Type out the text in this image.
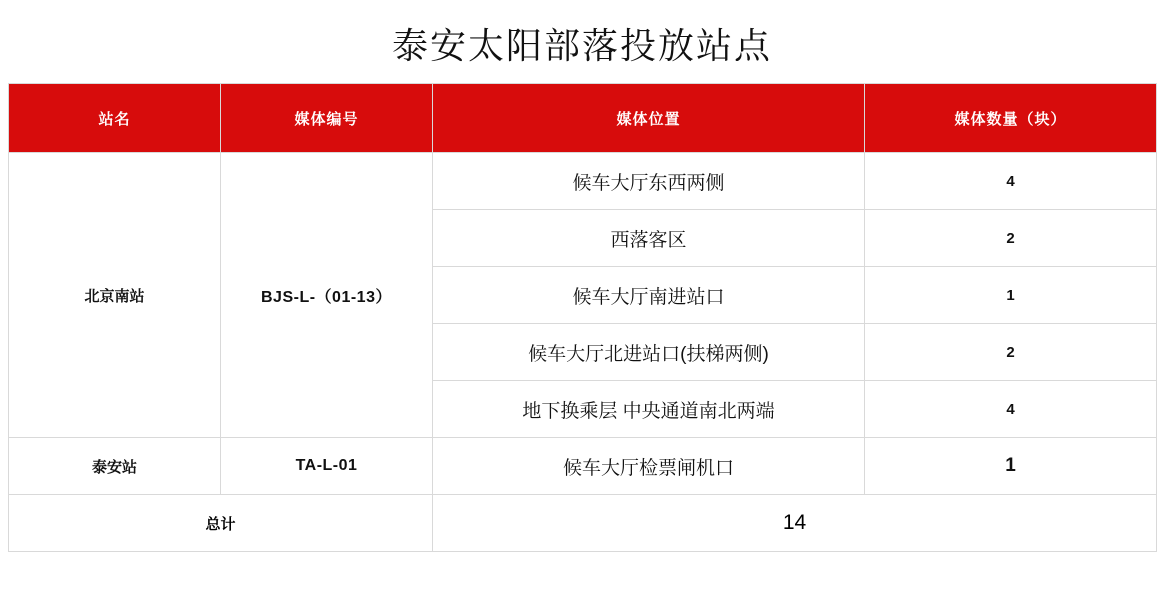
泰安太阳部落投放站点
站名	媒体编号	媒体位置	媒体数量（块）
北京南站	BJS-L-（01-13）	候车大厅东西两侧	4
		西落客区	2
		候车大厅南进站口	1
		候车大厅北进站口(扶梯两侧)	2
		地下换乘层 中央通道南北两端	4
泰安站	TA-L-01	候车大厅检票闸机口	1
总计		14	
